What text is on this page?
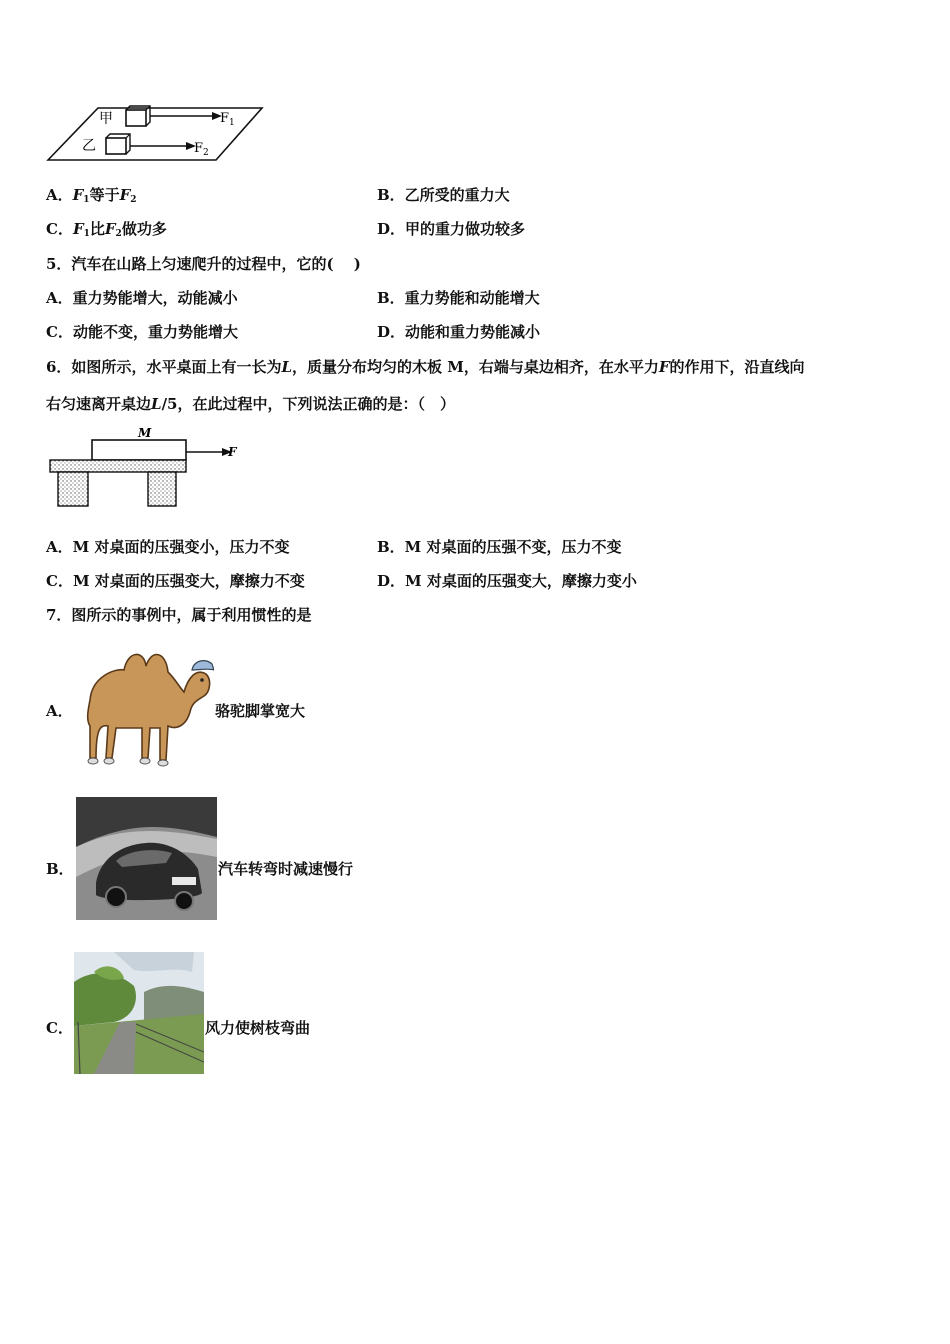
甲
乙
$F_1$
$F_2$
A．$F_1$等于$F_2$	B．乙所受的重力大
C．$F_1$比$F_2$做功多	D．甲的重力做功较多
5．汽车在山路上匀速爬升的过程中，它的(　 )
A．重力势能增大，动能减小	B．重力势能和动能增大
C．动能不变，重力势能增大	D．动能和重力势能减小
6．如图所示，水平桌面上有一长为L，质量分布均匀的木板 M，右端与桌边相齐，在水平力F的作用下，沿直线向
右匀速离开桌边L/5，在此过程中，下列说法正确的是：（　）
M
F
A．M 对桌面的压强变小，压力不变	B．M 对桌面的压强不变，压力不变
C．M 对桌面的压强变大，摩擦力不变	D．M 对桌面的压强变大，摩擦力变小
7．图所示的事例中，属于利用惯性的是
A．	骆驼脚掌宽大
B．	汽车转弯时减速慢行
C．	风力使树枝弯曲
